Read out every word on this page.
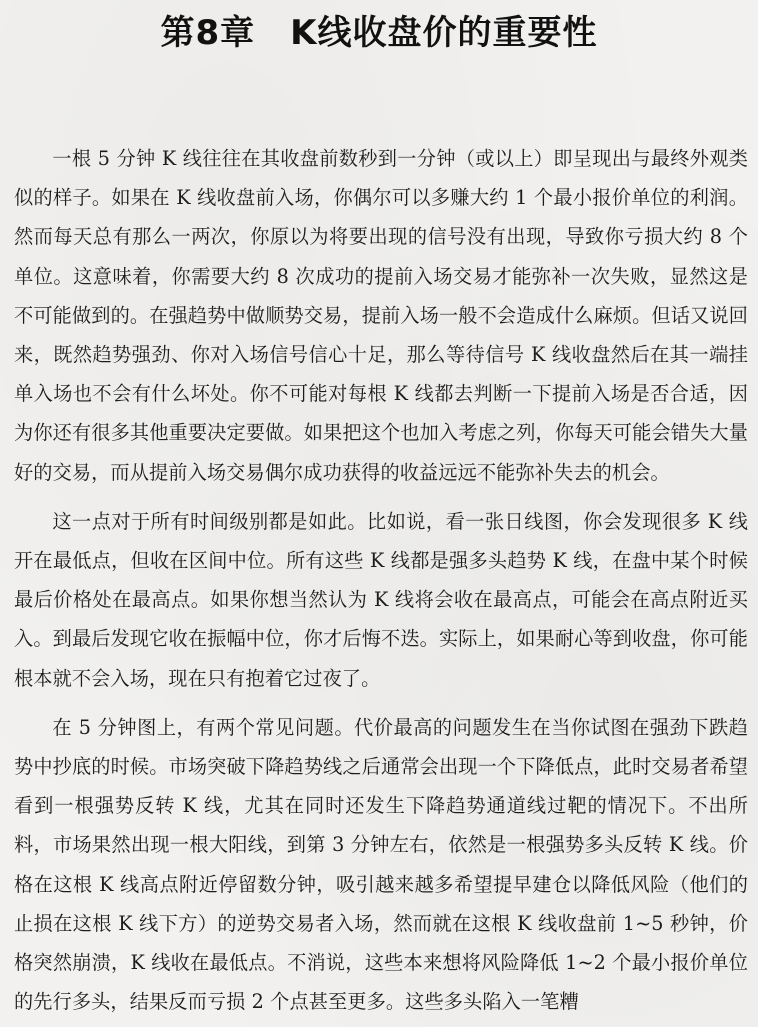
第8章　K线收盘价的重要性

一根 5 分钟 K 线往往在其收盘前数秒到一分钟（或以上）即呈现出与最终外观类似的样子。如果在 K 线收盘前入场，你偶尔可以多赚大约 1 个最小报价单位的利润。然而每天总有那么一两次，你原以为将要出现的信号没有出现，导致你亏损大约 8 个单位。这意味着，你需要大约 8 次成功的提前入场交易才能弥补一次失败，显然这是不可能做到的。在强趋势中做顺势交易，提前入场一般不会造成什么麻烦。但话又说回来，既然趋势强劲、你对入场信号信心十足，那么等待信号 K 线收盘然后在其一端挂单入场也不会有什么坏处。你不可能对每根 K 线都去判断一下提前入场是否合适，因为你还有很多其他重要决定要做。如果把这个也加入考虑之列，你每天可能会错失大量好的交易，而从提前入场交易偶尔成功获得的收益远远不能弥补失去的机会。

这一点对于所有时间级别都是如此。比如说，看一张日线图，你会发现很多 K 线开在最低点，但收在区间中位。所有这些 K 线都是强多头趋势 K 线，在盘中某个时候最后价格处在最高点。如果你想当然认为 K 线将会收在最高点，可能会在高点附近买入。到最后发现它收在振幅中位，你才后悔不迭。实际上，如果耐心等到收盘，你可能根本就不会入场，现在只有抱着它过夜了。

在 5 分钟图上，有两个常见问题。代价最高的问题发生在当你试图在强劲下跌趋势中抄底的时候。市场突破下降趋势线之后通常会出现一个下降低点，此时交易者希望看到一根强势反转 K 线，尤其在同时还发生下降趋势通道线过靶的情况下。不出所料，市场果然出现一根大阳线，到第 3 分钟左右，依然是一根强势多头反转 K 线。价格在这根 K 线高点附近停留数分钟，吸引越来越多希望提早建仓以降低风险（他们的止损在这根 K 线下方）的逆势交易者入场，然而就在这根 K 线收盘前 1~5 秒钟，价格突然崩溃，K 线收在最低点。不消说，这些本来想将风险降低 1~2 个最小报价单位的先行多头，结果反而亏损 2 个点甚至更多。这些多头陷入一笔糟
